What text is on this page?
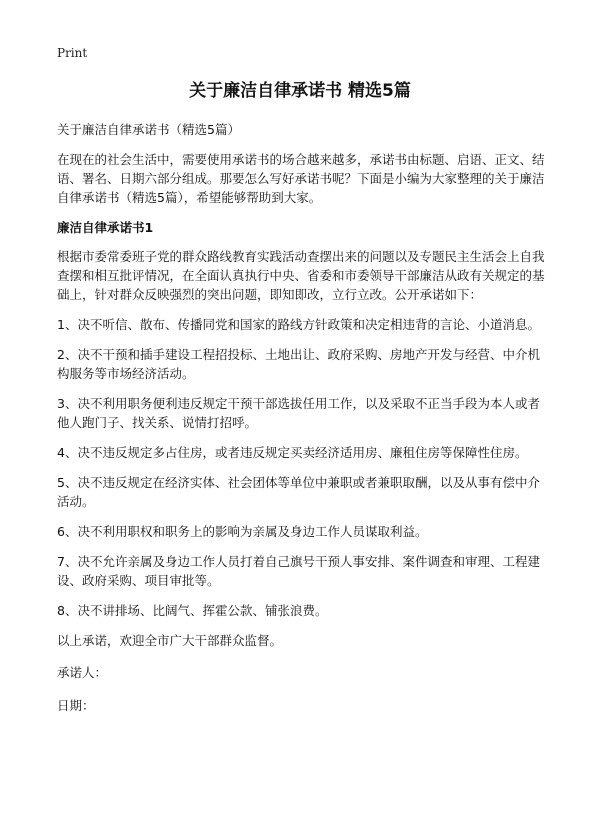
Print
关于廉洁自律承诺书 精选5篇

关于廉洁自律承诺书（精选5篇）

在现在的社会生活中，需要使用承诺书的场合越来越多，承诺书由标题、启语、正文、结语、署名、日期六部分组成。那要怎么写好承诺书呢？下面是小编为大家整理的关于廉洁自律承诺书（精选5篇），希望能够帮助到大家。

廉洁自律承诺书1

根据市委常委班子党的群众路线教育实践活动查摆出来的问题以及专题民主生活会上自我查摆和相互批评情况，在全面认真执行中央、省委和市委领导干部廉洁从政有关规定的基础上，针对群众反映强烈的突出问题，即知即改，立行立改。公开承诺如下：

1、决不听信、散布、传播同党和国家的路线方针政策和决定相违背的言论、小道消息。
2、决不干预和插手建设工程招投标、土地出让、政府采购、房地产开发与经营、中介机构服务等市场经济活动。
3、决不利用职务便利违反规定干预干部选拔任用工作，以及采取不正当手段为本人或者他人跑门子、找关系、说情打招呼。
4、决不违反规定多占住房，或者违反规定买卖经济适用房、廉租住房等保障性住房。
5、决不违反规定在经济实体、社会团体等单位中兼职或者兼职取酬，以及从事有偿中介活动。
6、决不利用职权和职务上的影响为亲属及身边工作人员谋取利益。
7、决不允许亲属及身边工作人员打着自己旗号干预人事安排、案件调查和审理、工程建设、政府采购、项目审批等。
8、决不讲排场、比阔气、挥霍公款、铺张浪费。

以上承诺，欢迎全市广大干部群众监督。

承诺人：

日期：
